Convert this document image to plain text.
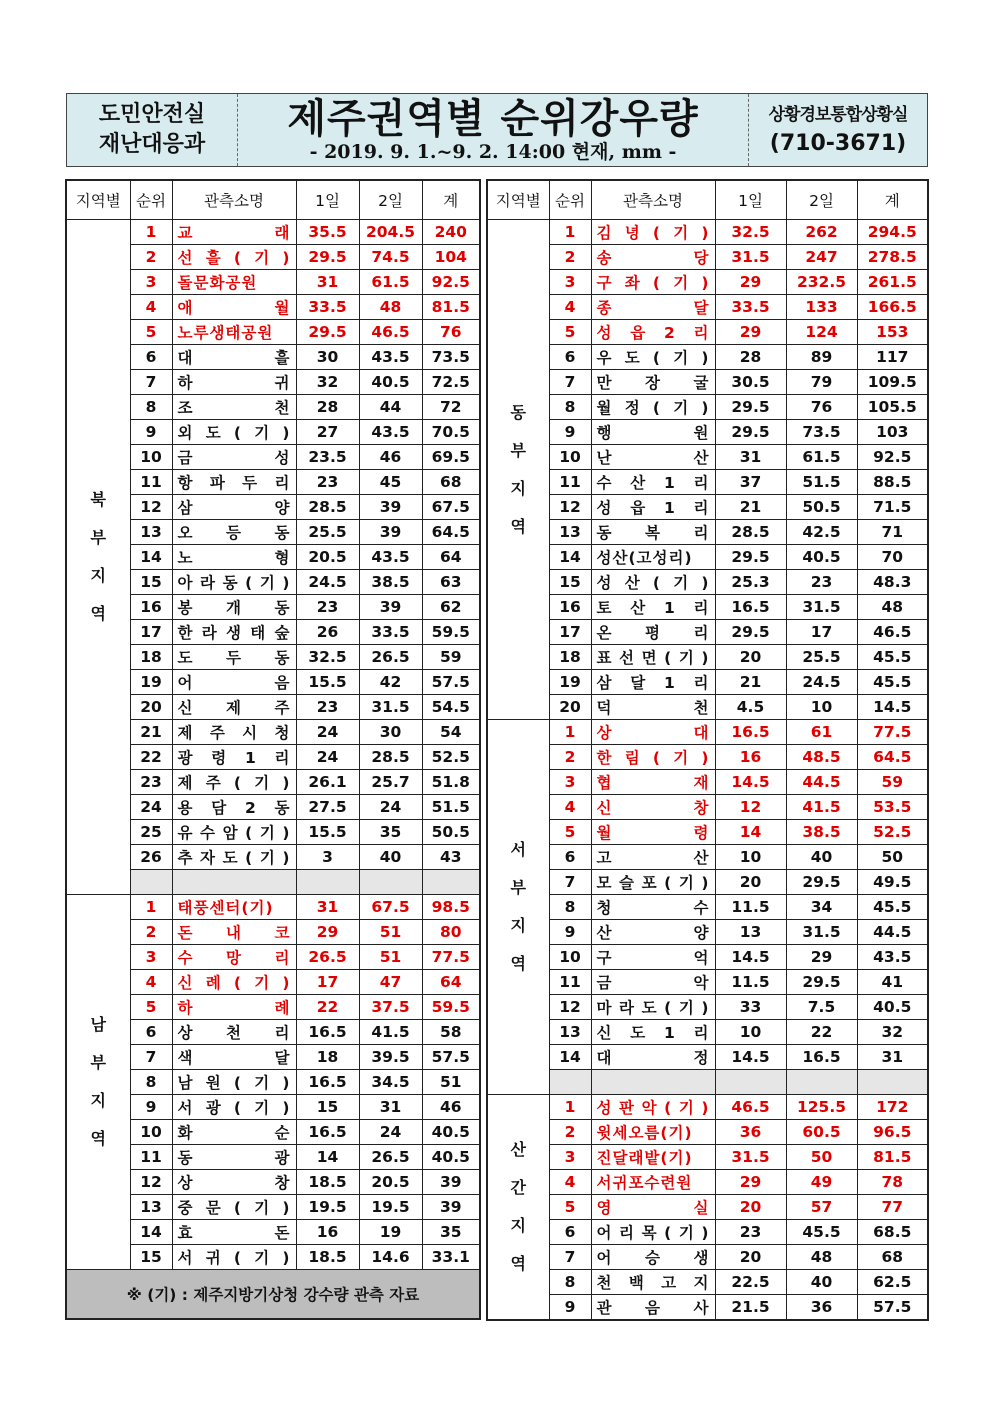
도민안전실
재난대응과
제주권역별 순위강우량
- 2019. 9. 1.~9. 2. 14:00 현재, mm -
상황경보통합상황실
(710-3671)
지역별	순위	관측소명	1일	2일	계

북
부
지
역	1	교 래	35.5	204.5	240
	2	선 흘 ( 기 )	29.5	74.5	104
	3	돌문화공원	31	61.5	92.5
	4	애 월	33.5	48	81.5
	5	노루생태공원	29.5	46.5	76
	6	대 흘	30	43.5	73.5
	7	하 귀	32	40.5	72.5
	8	조 천	28	44	72
	9	외 도 ( 기 )	27	43.5	70.5
	10	금 성	23.5	46	69.5
	11	항 파 두 리	23	45	68
	12	삼 양	28.5	39	67.5
	13	오 등 동	25.5	39	64.5
	14	노 형	20.5	43.5	64
	15	아 라 동 ( 기 )	24.5	38.5	63
	16	봉 개 동	23	39	62
	17	한 라 생 태 숲	26	33.5	59.5
	18	도 두 동	32.5	26.5	59
	19	어 음	15.5	42	57.5
	20	신 제 주	23	31.5	54.5
	21	제 주 시 청	24	30	54
	22	광 령 1 리	24	28.5	52.5
	23	제 주 ( 기 )	26.1	25.7	51.8
	24	용 담 2 동	27.5	24	51.5
	25	유 수 암 ( 기 )	15.5	35	50.5
	26	추 자 도 ( 기 )	3	40	43

남
부
지
역	1	태풍센터(기)	31	67.5	98.5
	2	돈 내 코	29	51	80
	3	수 망 리	26.5	51	77.5
	4	신 례 ( 기 )	17	47	64
	5	하 례	22	37.5	59.5
	6	상 천 리	16.5	41.5	58
	7	색 달	18	39.5	57.5
	8	남 원 ( 기 )	16.5	34.5	51
	9	서 광 ( 기 )	15	31	46
	10	화 순	16.5	24	40.5
	11	동 광	14	26.5	40.5
	12	상 창	18.5	20.5	39
	13	중 문 ( 기 )	19.5	19.5	39
	14	효 돈	16	19	35
	15	서 귀 ( 기 )	18.5	14.6	33.1
※ (기) : 제주지방기상청 강수량 관측 자료					
지역별	순위	관측소명	1일	2일	계

동
부
지
역	1	김 녕 ( 기 )	32.5	262	294.5
	2	송 당	31.5	247	278.5
	3	구 좌 ( 기 )	29	232.5	261.5
	4	종 달	33.5	133	166.5
	5	성 읍 2 리	29	124	153
	6	우 도 ( 기 )	28	89	117
	7	만 장 굴	30.5	79	109.5
	8	월 정 ( 기 )	29.5	76	105.5
	9	행 원	29.5	73.5	103
	10	난 산	31	61.5	92.5
	11	수 산 1 리	37	51.5	88.5
	12	성 읍 1 리	21	50.5	71.5
	13	동 복 리	28.5	42.5	71
	14	성산(고성리)	29.5	40.5	70
	15	성 산 ( 기 )	25.3	23	48.3
	16	토 산 1 리	16.5	31.5	48
	17	온 평 리	29.5	17	46.5
	18	표 선 면 ( 기 )	20	25.5	45.5
	19	삼 달 1 리	21	24.5	45.5
	20	덕 천	4.5	10	14.5

서
부
지
역	1	상 대	16.5	61	77.5
	2	한 림 ( 기 )	16	48.5	64.5
	3	협 재	14.5	44.5	59
	4	신 창	12	41.5	53.5
	5	월 령	14	38.5	52.5
	6	고 산	10	40	50
	7	모 슬 포 ( 기 )	20	29.5	49.5
	8	청 수	11.5	34	45.5
	9	산 양	13	31.5	44.5
	10	구 억	14.5	29	43.5
	11	금 악	11.5	29.5	41
	12	마 라 도 ( 기 )	33	7.5	40.5
	13	신 도 1 리	10	22	32
	14	대 정	14.5	16.5	31

산
간
지
역	1	성 판 악 ( 기 )	46.5	125.5	172
	2	윗세오름(기)	36	60.5	96.5
	3	진달래밭(기)	31.5	50	81.5
	4	서귀포수련원	29	49	78
	5	영 실	20	57	77
	6	어 리 목 ( 기 )	23	45.5	68.5
	7	어 승 생	20	48	68
	8	천 백 고 지	22.5	40	62.5
	9	관 음 사	21.5	36	57.5
